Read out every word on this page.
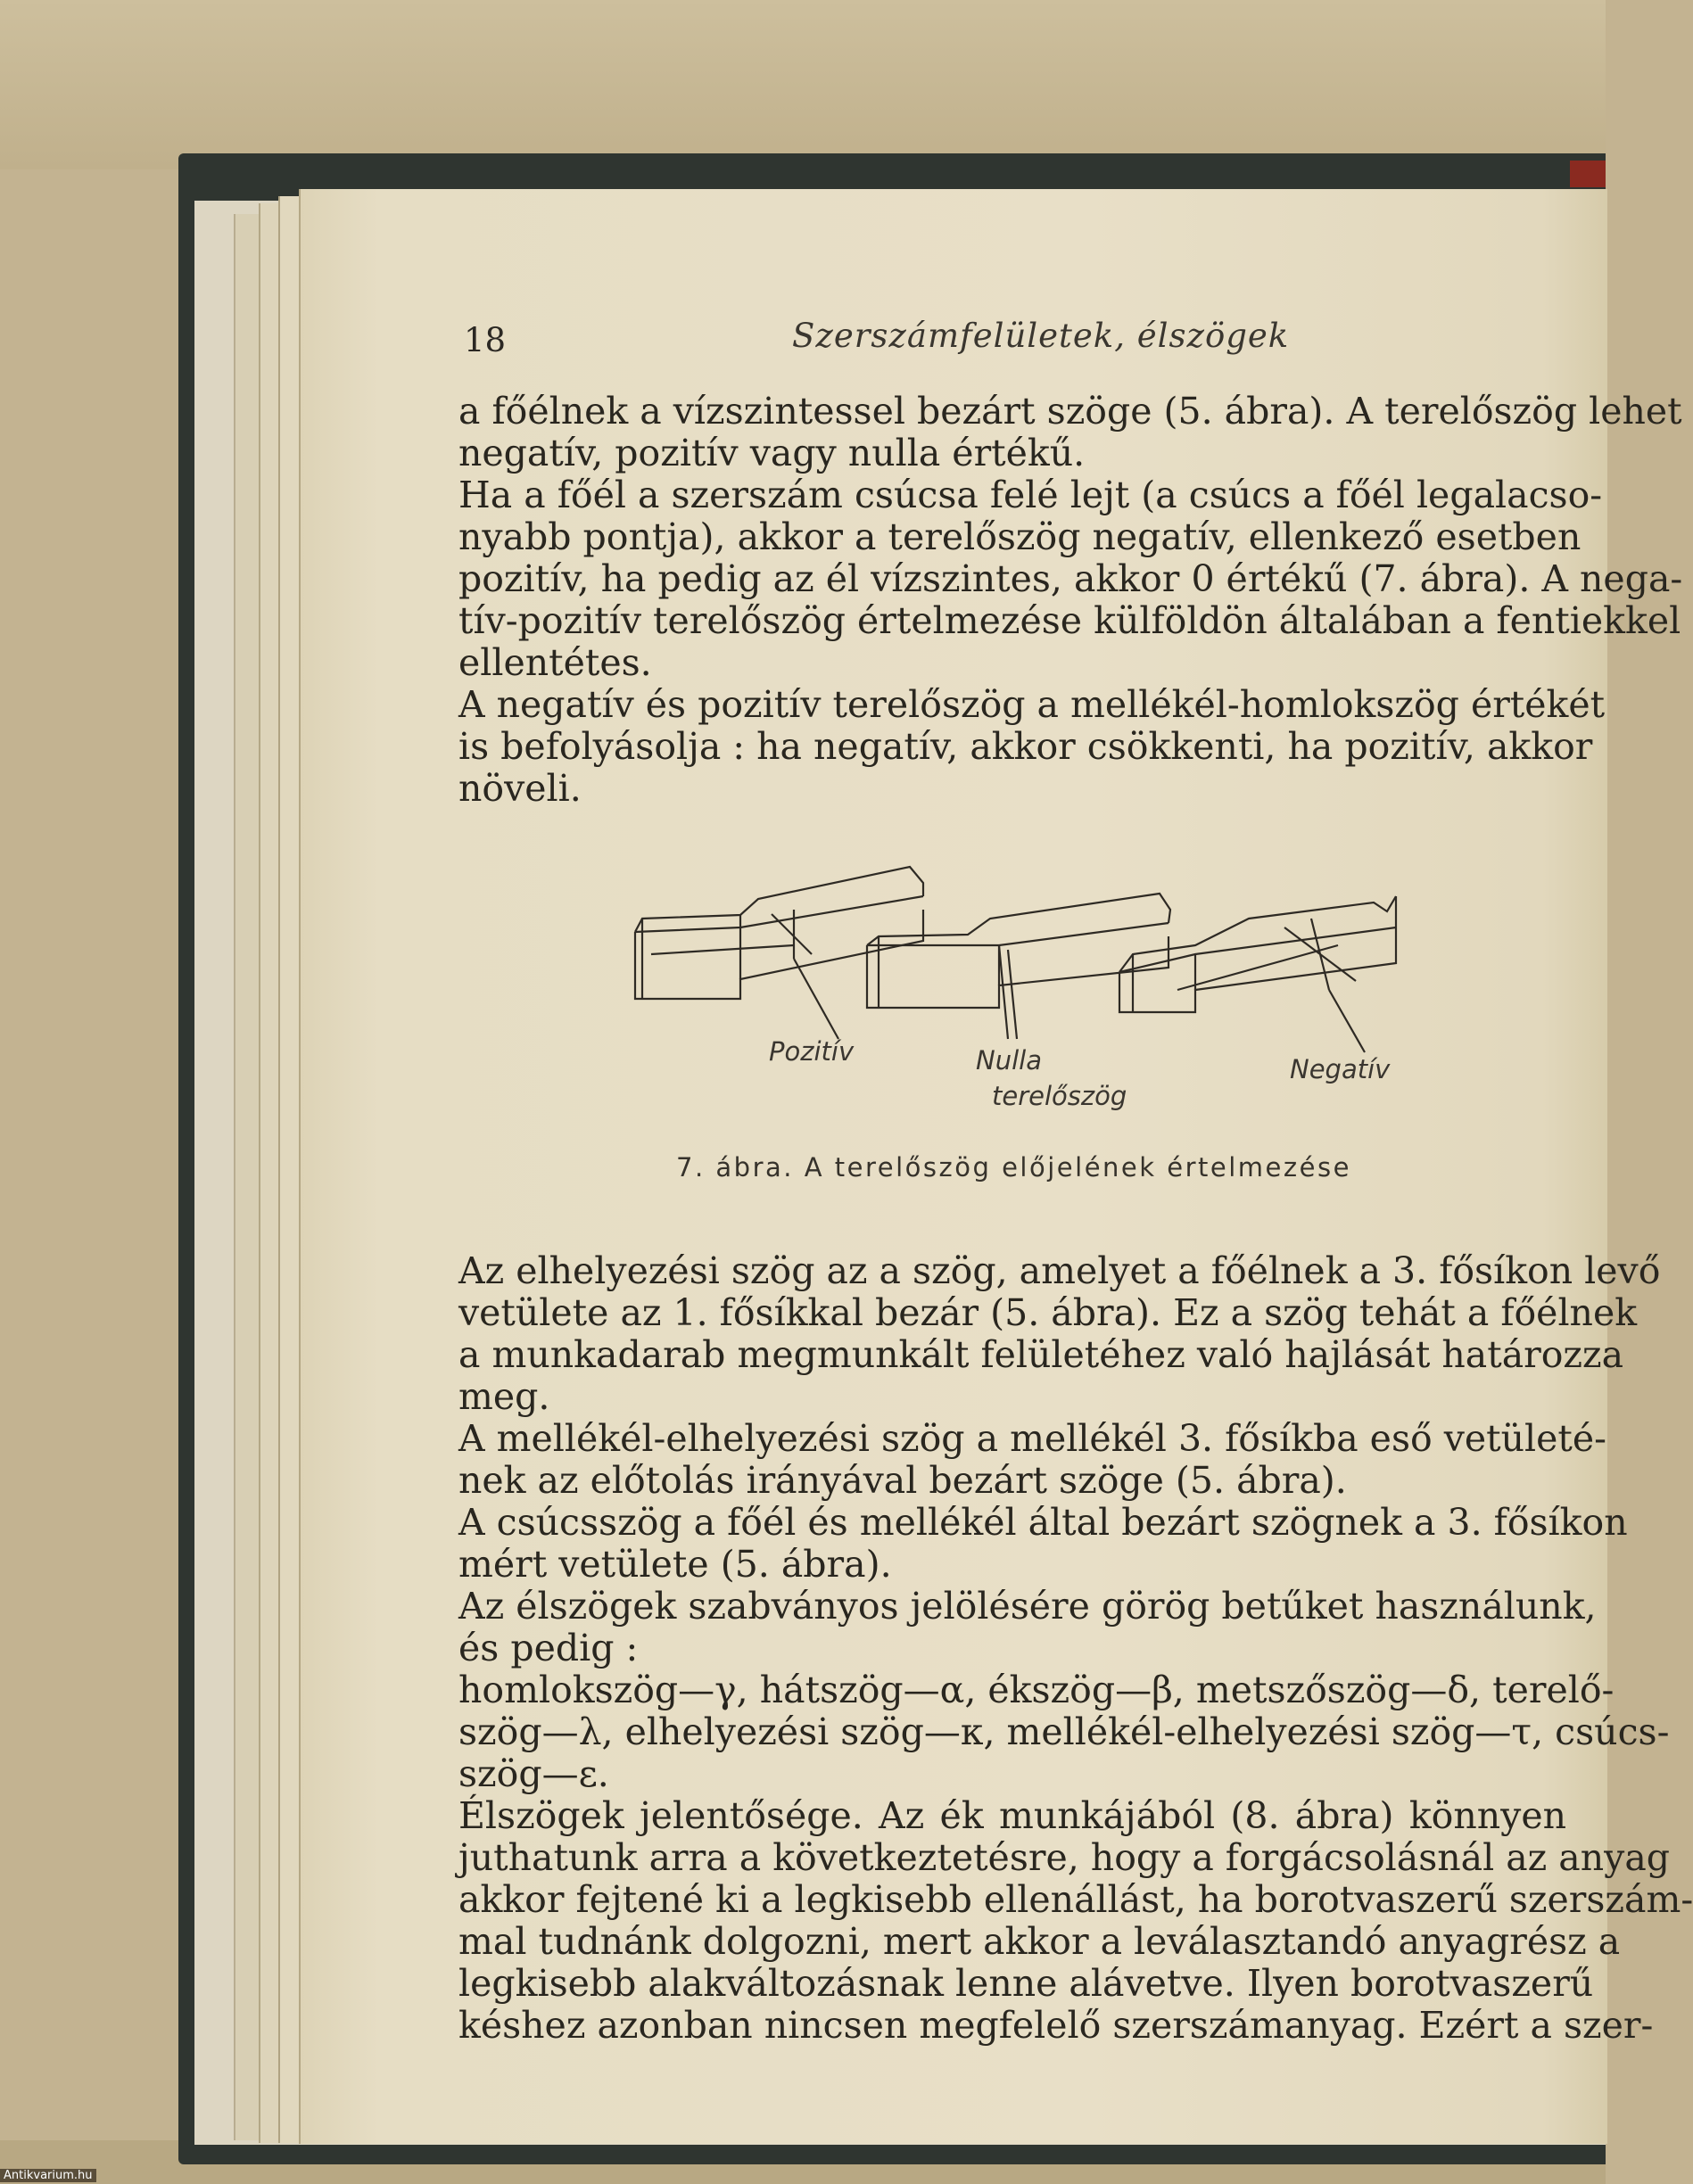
18	Szerszámfelületek, élszögek
a főélnek a vízszintessel bezárt szöge (5. ábra). A terelőszög lehet
negatív, pozitív vagy nulla értékű.
Ha a főél a szerszám csúcsa felé lejt (a csúcs a főél legalacso-
nyabb pontja), akkor a terelőszög negatív, ellenkező esetben
pozitív, ha pedig az él vízszintes, akkor 0 értékű (7. ábra). A nega-
tív-pozitív terelőszög értelmezése külföldön általában a fentiekkel
ellentétes.
A negatív és pozitív terelőszög a mellékél-homlokszög értékét
is befolyásolja : ha negatív, akkor csökkenti, ha pozitív, akkor
növeli.
Pozitív	Nulla
terelőszög
Negatív
7. ábra. A terelőszög előjelének értelmezése
Az elhelyezési szög az a szög, amelyet a főélnek a 3. fősíkon levő
vetülete az 1. fősíkkal bezár (5. ábra). Ez a szög tehát a főélnek
a munkadarab megmunkált felületéhez való hajlását határozza
meg.
A mellékél-elhelyezési szög a mellékél 3. fősíkba eső vetületé-
nek az előtolás irányával bezárt szöge (5. ábra).
A csúcsszög a főél és mellékél által bezárt szögnek a 3. fősíkon
mért vetülete (5. ábra).
Az élszögek szabványos jelölésére görög betűket használunk,
és pedig :
homlokszög—γ, hátszög—α, ékszög—β, metszőszög—δ, terelő-
szög—λ, elhelyezési szög—κ, mellékél-elhelyezési szög—τ, csúcs-
szög—ε.
Élszögek jelentősége. Az ék munkájából (8. ábra) könnyen
juthatunk arra a következtetésre, hogy a forgácsolásnál az anyag
akkor fejtené ki a legkisebb ellenállást, ha borotvaszerű szerszám-
mal tudnánk dolgozni, mert akkor a leválasztandó anyagrész a
legkisebb alakváltozásnak lenne alávetve. Ilyen borotvaszerű
késhez azonban nincsen megfelelő szerszámanyag. Ezért a szer-
Antikvarium.hu
